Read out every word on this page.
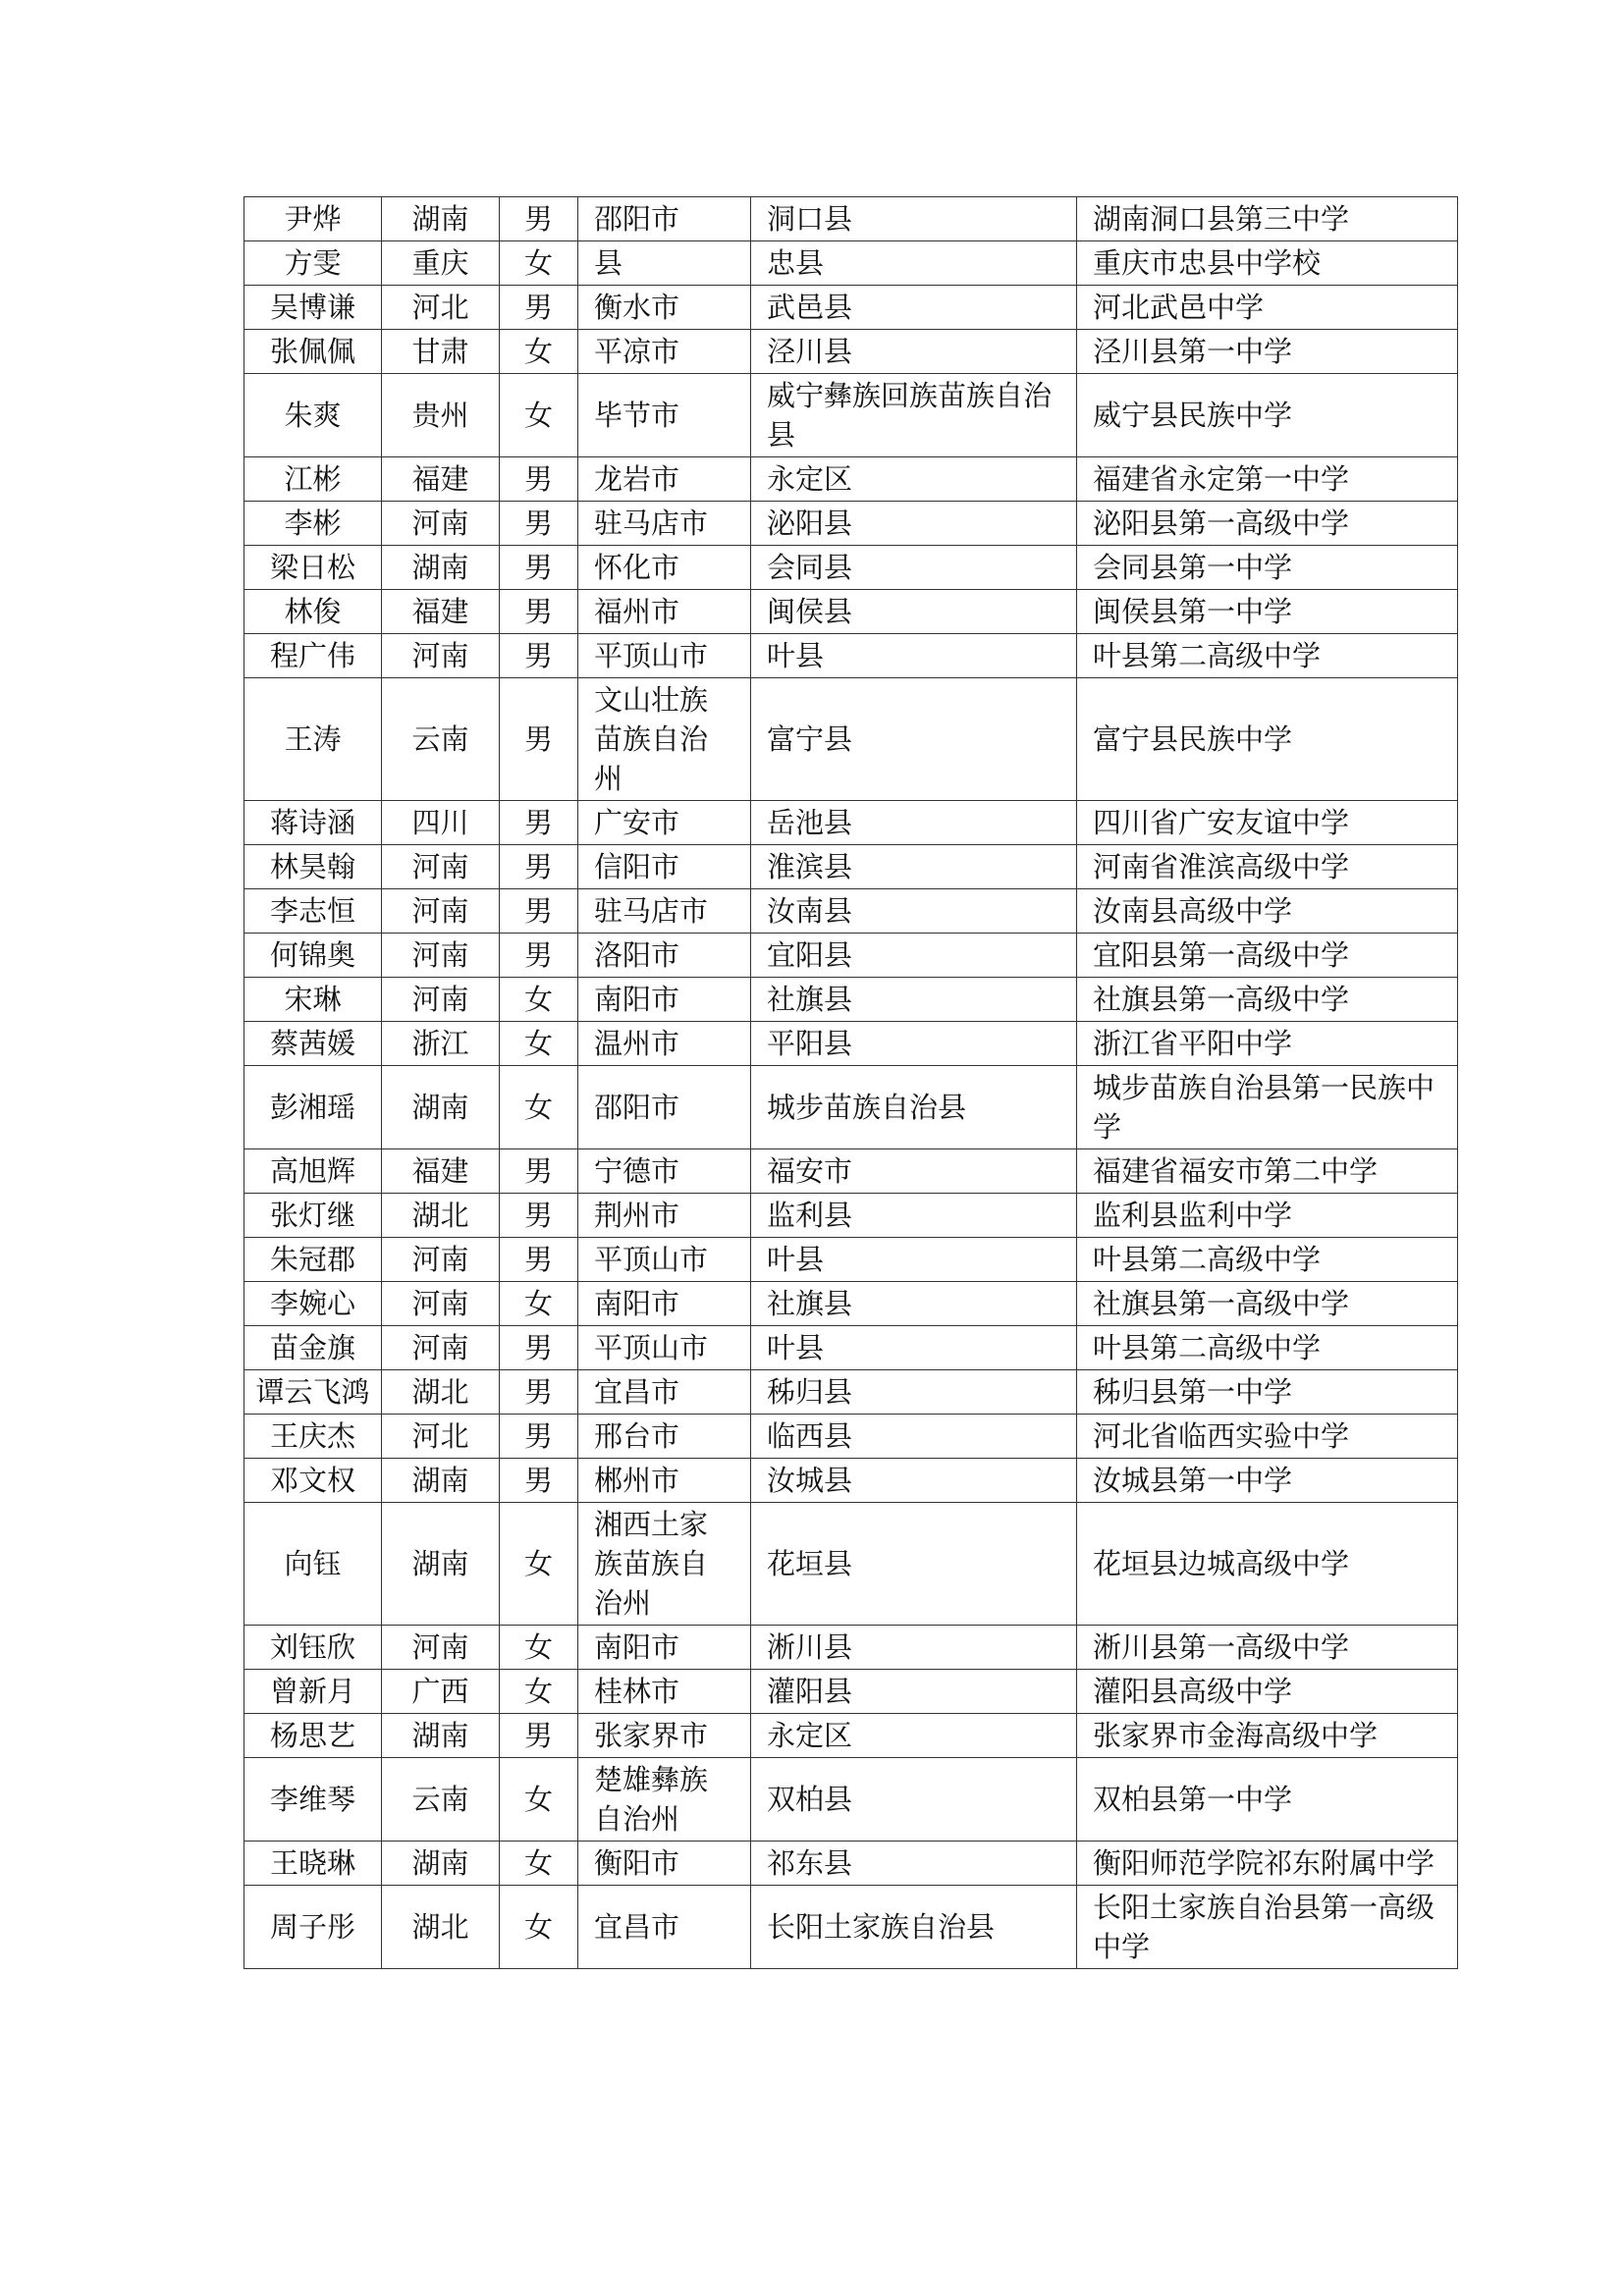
尹烨	湖南	男	邵阳市	洞口县	湖南洞口县第三中学
方雯	重庆	女	县	忠县	重庆市忠县中学校
吴博谦	河北	男	衡水市	武邑县	河北武邑中学
张佩佩	甘肃	女	平凉市	泾川县	泾川县第一中学
朱爽	贵州	女	毕节市	威宁彝族回族苗族自治县	威宁县民族中学
江彬	福建	男	龙岩市	永定区	福建省永定第一中学
李彬	河南	男	驻马店市	泌阳县	泌阳县第一高级中学
梁日松	湖南	男	怀化市	会同县	会同县第一中学
林俊	福建	男	福州市	闽侯县	闽侯县第一中学
程广伟	河南	男	平顶山市	叶县	叶县第二高级中学
王涛	云南	男	文山壮族苗族自治州	富宁县	富宁县民族中学
蒋诗涵	四川	男	广安市	岳池县	四川省广安友谊中学
林昊翰	河南	男	信阳市	淮滨县	河南省淮滨高级中学
李志恒	河南	男	驻马店市	汝南县	汝南县高级中学
何锦奥	河南	男	洛阳市	宜阳县	宜阳县第一高级中学
宋琳	河南	女	南阳市	社旗县	社旗县第一高级中学
蔡茜媛	浙江	女	温州市	平阳县	浙江省平阳中学
彭湘瑶	湖南	女	邵阳市	城步苗族自治县	城步苗族自治县第一民族中学
高旭辉	福建	男	宁德市	福安市	福建省福安市第二中学
张灯继	湖北	男	荆州市	监利县	监利县监利中学
朱冠郡	河南	男	平顶山市	叶县	叶县第二高级中学
李婉心	河南	女	南阳市	社旗县	社旗县第一高级中学
苗金旗	河南	男	平顶山市	叶县	叶县第二高级中学
谭云飞鸿	湖北	男	宜昌市	秭归县	秭归县第一中学
王庆杰	河北	男	邢台市	临西县	河北省临西实验中学
邓文权	湖南	男	郴州市	汝城县	汝城县第一中学
向钰	湖南	女	湘西土家族苗族自治州	花垣县	花垣县边城高级中学
刘钰欣	河南	女	南阳市	淅川县	淅川县第一高级中学
曾新月	广西	女	桂林市	灌阳县	灌阳县高级中学
杨思艺	湖南	男	张家界市	永定区	张家界市金海高级中学
李维琴	云南	女	楚雄彝族自治州	双柏县	双柏县第一中学
王晓琳	湖南	女	衡阳市	祁东县	衡阳师范学院祁东附属中学
周子彤	湖北	女	宜昌市	长阳土家族自治县	长阳土家族自治县第一高级中学
